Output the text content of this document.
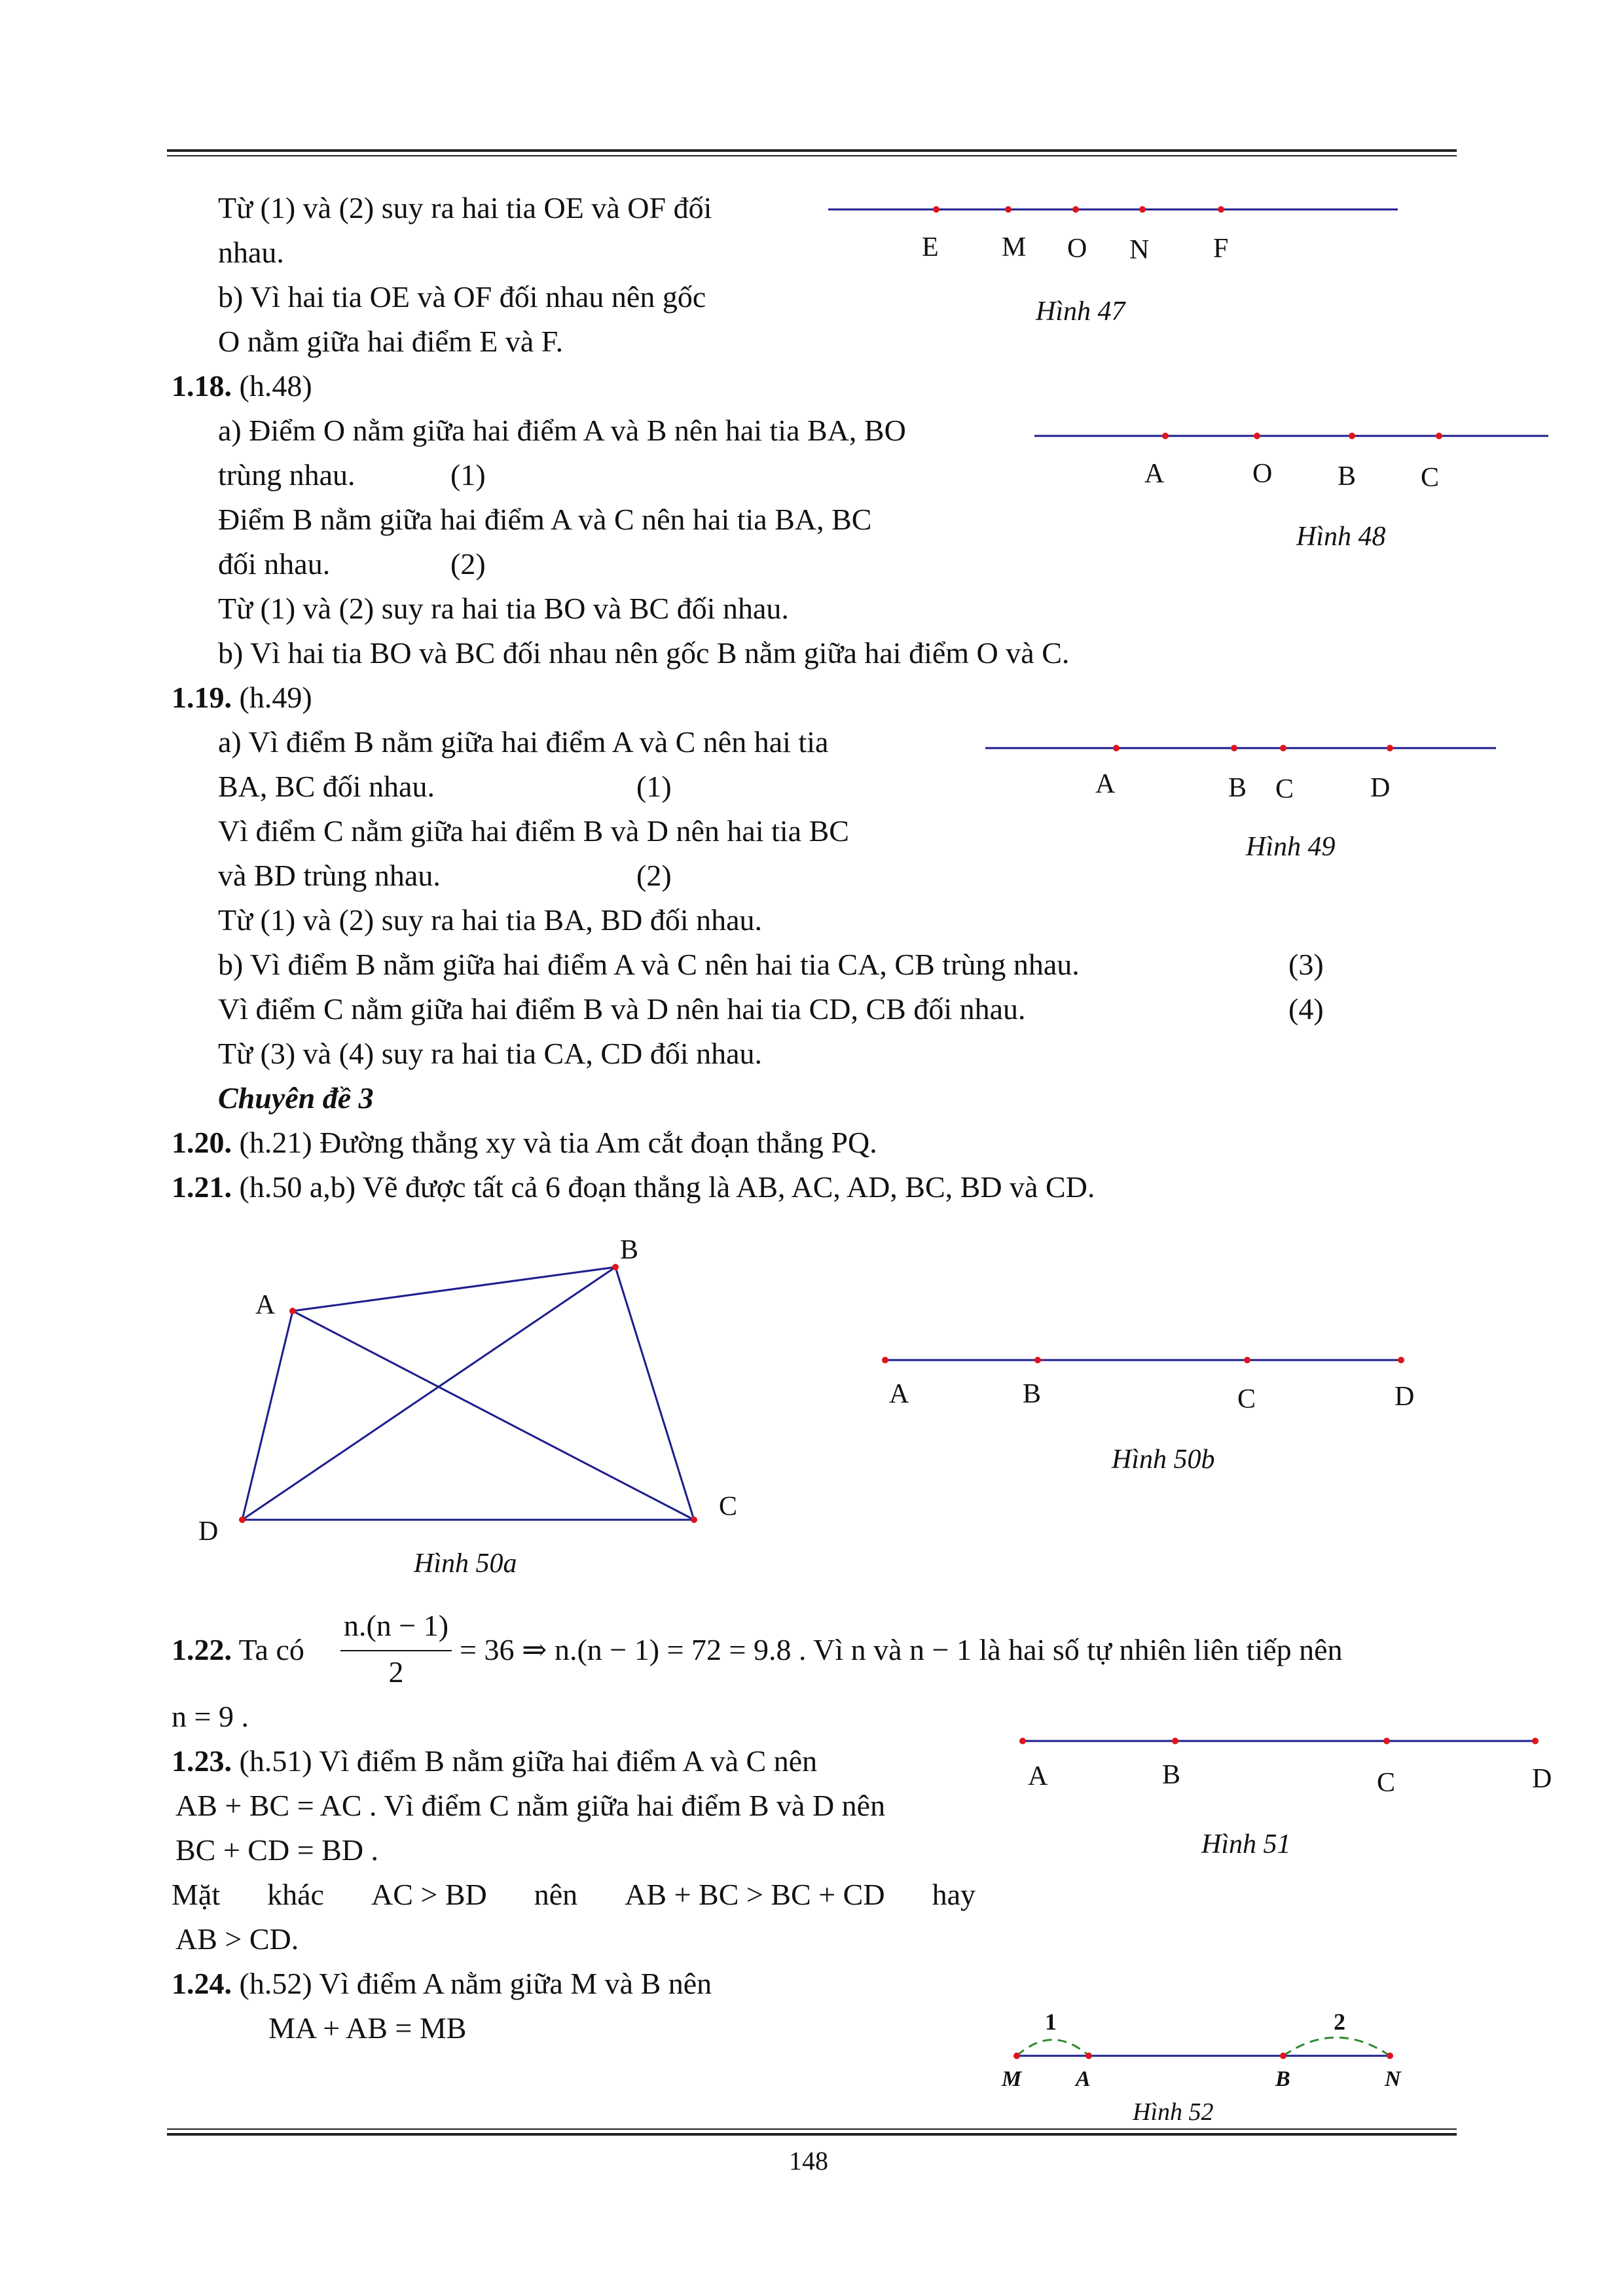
Từ (1) và (2) suy ra hai tia OE và OF đối
nhau.
b) Vì hai tia OE và OF đối nhau nên gốc
O nằm giữa hai điểm E và F.
E M O N F
Hình 47
1.18. (h.48)
a) Điểm O nằm giữa hai điểm A và B nên hai tia BA, BO
trùng nhau.	(1)
Điểm B nằm giữa hai điểm A và C nên hai tia BA, BC
đối nhau.	(2)
Từ (1) và (2) suy ra hai tia BO và BC đối nhau.
b) Vì hai tia BO và BC đối nhau nên gốc B nằm giữa hai điểm O và C.
A	O B C
Hình 48
1.19. (h.49)
a) Vì điểm B nằm giữa hai điểm A và C nên hai tia
BA, BC đối nhau.	(1)
Vì điểm C nằm giữa hai điểm B và D nên hai tia BC
và BD trùng nhau.	(2)
Từ (1) và (2) suy ra hai tia BA, BD đối nhau.
b) Vì điểm B nằm giữa hai điểm A và C nên hai tia CA, CB trùng nhau.	(3)
Vì điểm C nằm giữa hai điểm B và D nên hai tia CD, CB đối nhau.	(4)
Từ (3) và (4) suy ra hai tia CA, CD đối nhau.
A	B C	D
Hình 49
Chuyên đề 3
1.20. (h.21) Đường thẳng xy và tia Am cắt đoạn thẳng PQ.
1.21. (h.50 a,b) Vẽ được tất cả 6 đoạn thẳng là AB, AC, AD, BC, BD và CD.
A
B
C
D
Hình 50a
A	B	C	D
Hình 50b
1.22. Ta có
n.(n − 1)
2
= 36 ⇒ n.(n − 1) = 72 = 9.8 . Vì n và n − 1 là hai số tự nhiên liên tiếp nên
n = 9 .
1.23. (h.51) Vì điểm B nằm giữa hai điểm A và C nên
AB + BC = AC . Vì điểm C nằm giữa hai điểm B và D nên
BC + CD = BD .
Mặt khác AC > BD nên AB + BC > BC + CD hay
AB > CD.
A	B	C	D
Hình 51
1.24. (h.52) Vì điểm A nằm giữa M và B nên
MA + AB = MB	1	2
M A	B	N
Hình 52
148
